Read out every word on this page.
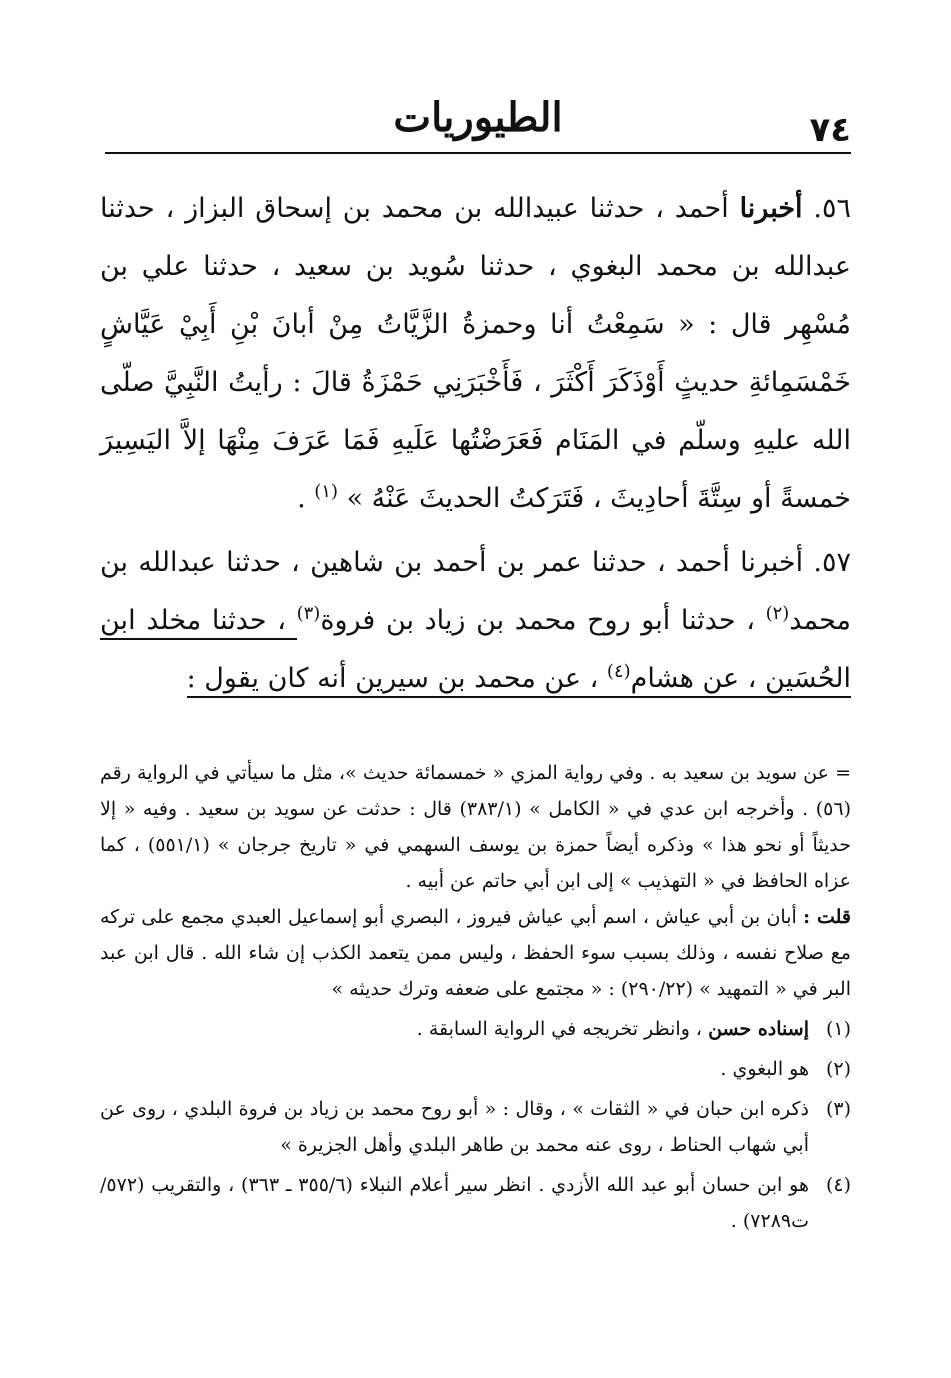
٧٤
الطيوريات

٥٦. أخبرنا أحمد ، حدثنا عبيدالله بن محمد بن إسحاق البزاز ، حدثنا عبدالله بن محمد البغوي ، حدثنا سُويد بن سعيد ، حدثنا علي بن مُسْهِر قال : « سَمِعْتُ أنا وحمزةُ الزَّيَّاتُ مِنْ أبانَ بْنِ أَبِيْ عَيَّاشٍ خَمْسَمِائةِ حديثٍ أَوْذَكَرَ أَكْثَرَ ، فَأَخْبَرَنِي حَمْزَةُ قالَ : رأيتُ النَّبِيَّ صلّى الله عليهِ وسلّم في المَنَام فَعَرَضْتُها عَلَيهِ فَمَا عَرَفَ مِنْهَا إلاَّ اليَسِيرَ خمسةً أو سِتَّةَ أحادِيثَ ، فَتَرَكتُ الحديثَ عَنْهُ » $^{(١)}$ .

٥٧. أخبرنا أحمد ، حدثنا عمر بن أحمد بن شاهين ، حدثنا عبدالله بن محمد$^{(٢)}$ ، حدثنا أبو روح محمد بن زياد بن فروة$^{(٣)}$ ، حدثنا مخلد ابن الحُسَين ، عن هشام$^{(٤)}$ ، عن محمد بن سيرين أنه كان يقول :

= عن سويد بن سعيد به . وفي رواية المزي « خمسمائة حديث »، مثل ما سيأتي في الرواية رقم (٥٦) . وأخرجه ابن عدي في « الكامل » (٣٨٣/١) قال : حدثت عن سويد بن سعيد . وفيه « إلا حديثاً أو نحو هذا » وذكره أيضاً حمزة بن يوسف السهمي في « تاريخ جرجان » (٥٥١/١) ، كما عزاه الحافظ في « التهذيب » إلى ابن أبي حاتم عن أبيه .

قلت : أبان بن أبي عياش ، اسم أبي عياش فيروز ، البصري أبو إسماعيل العبدي مجمع على تركه مع صلاح نفسه ، وذلك بسبب سوء الحفظ ، وليس ممن يتعمد الكذب إن شاء الله . قال ابن عبد البر في « التمهيد » (٢٩٠/٢٢) : « مجتمع على ضعفه وترك حديثه »

(١)
إسناده حسن ، وانظر تخريجه في الرواية السابقة .

(٢)
هو البغوي .

(٣)
ذكره ابن حبان في « الثقات » ، وقال : « أبو روح محمد بن زياد بن فروة البلدي ، روى عن أبي شهاب الحناط ، روى عنه محمد بن طاهر البلدي وأهل الجزيرة »

(٤)
هو ابن حسان أبو عبد الله الأزدي . انظر سير أعلام النبلاء (٣٥٥/٦ ـ ٣٦٣) ، والتقريب (٥٧٢/ت٧٢٨٩) .
